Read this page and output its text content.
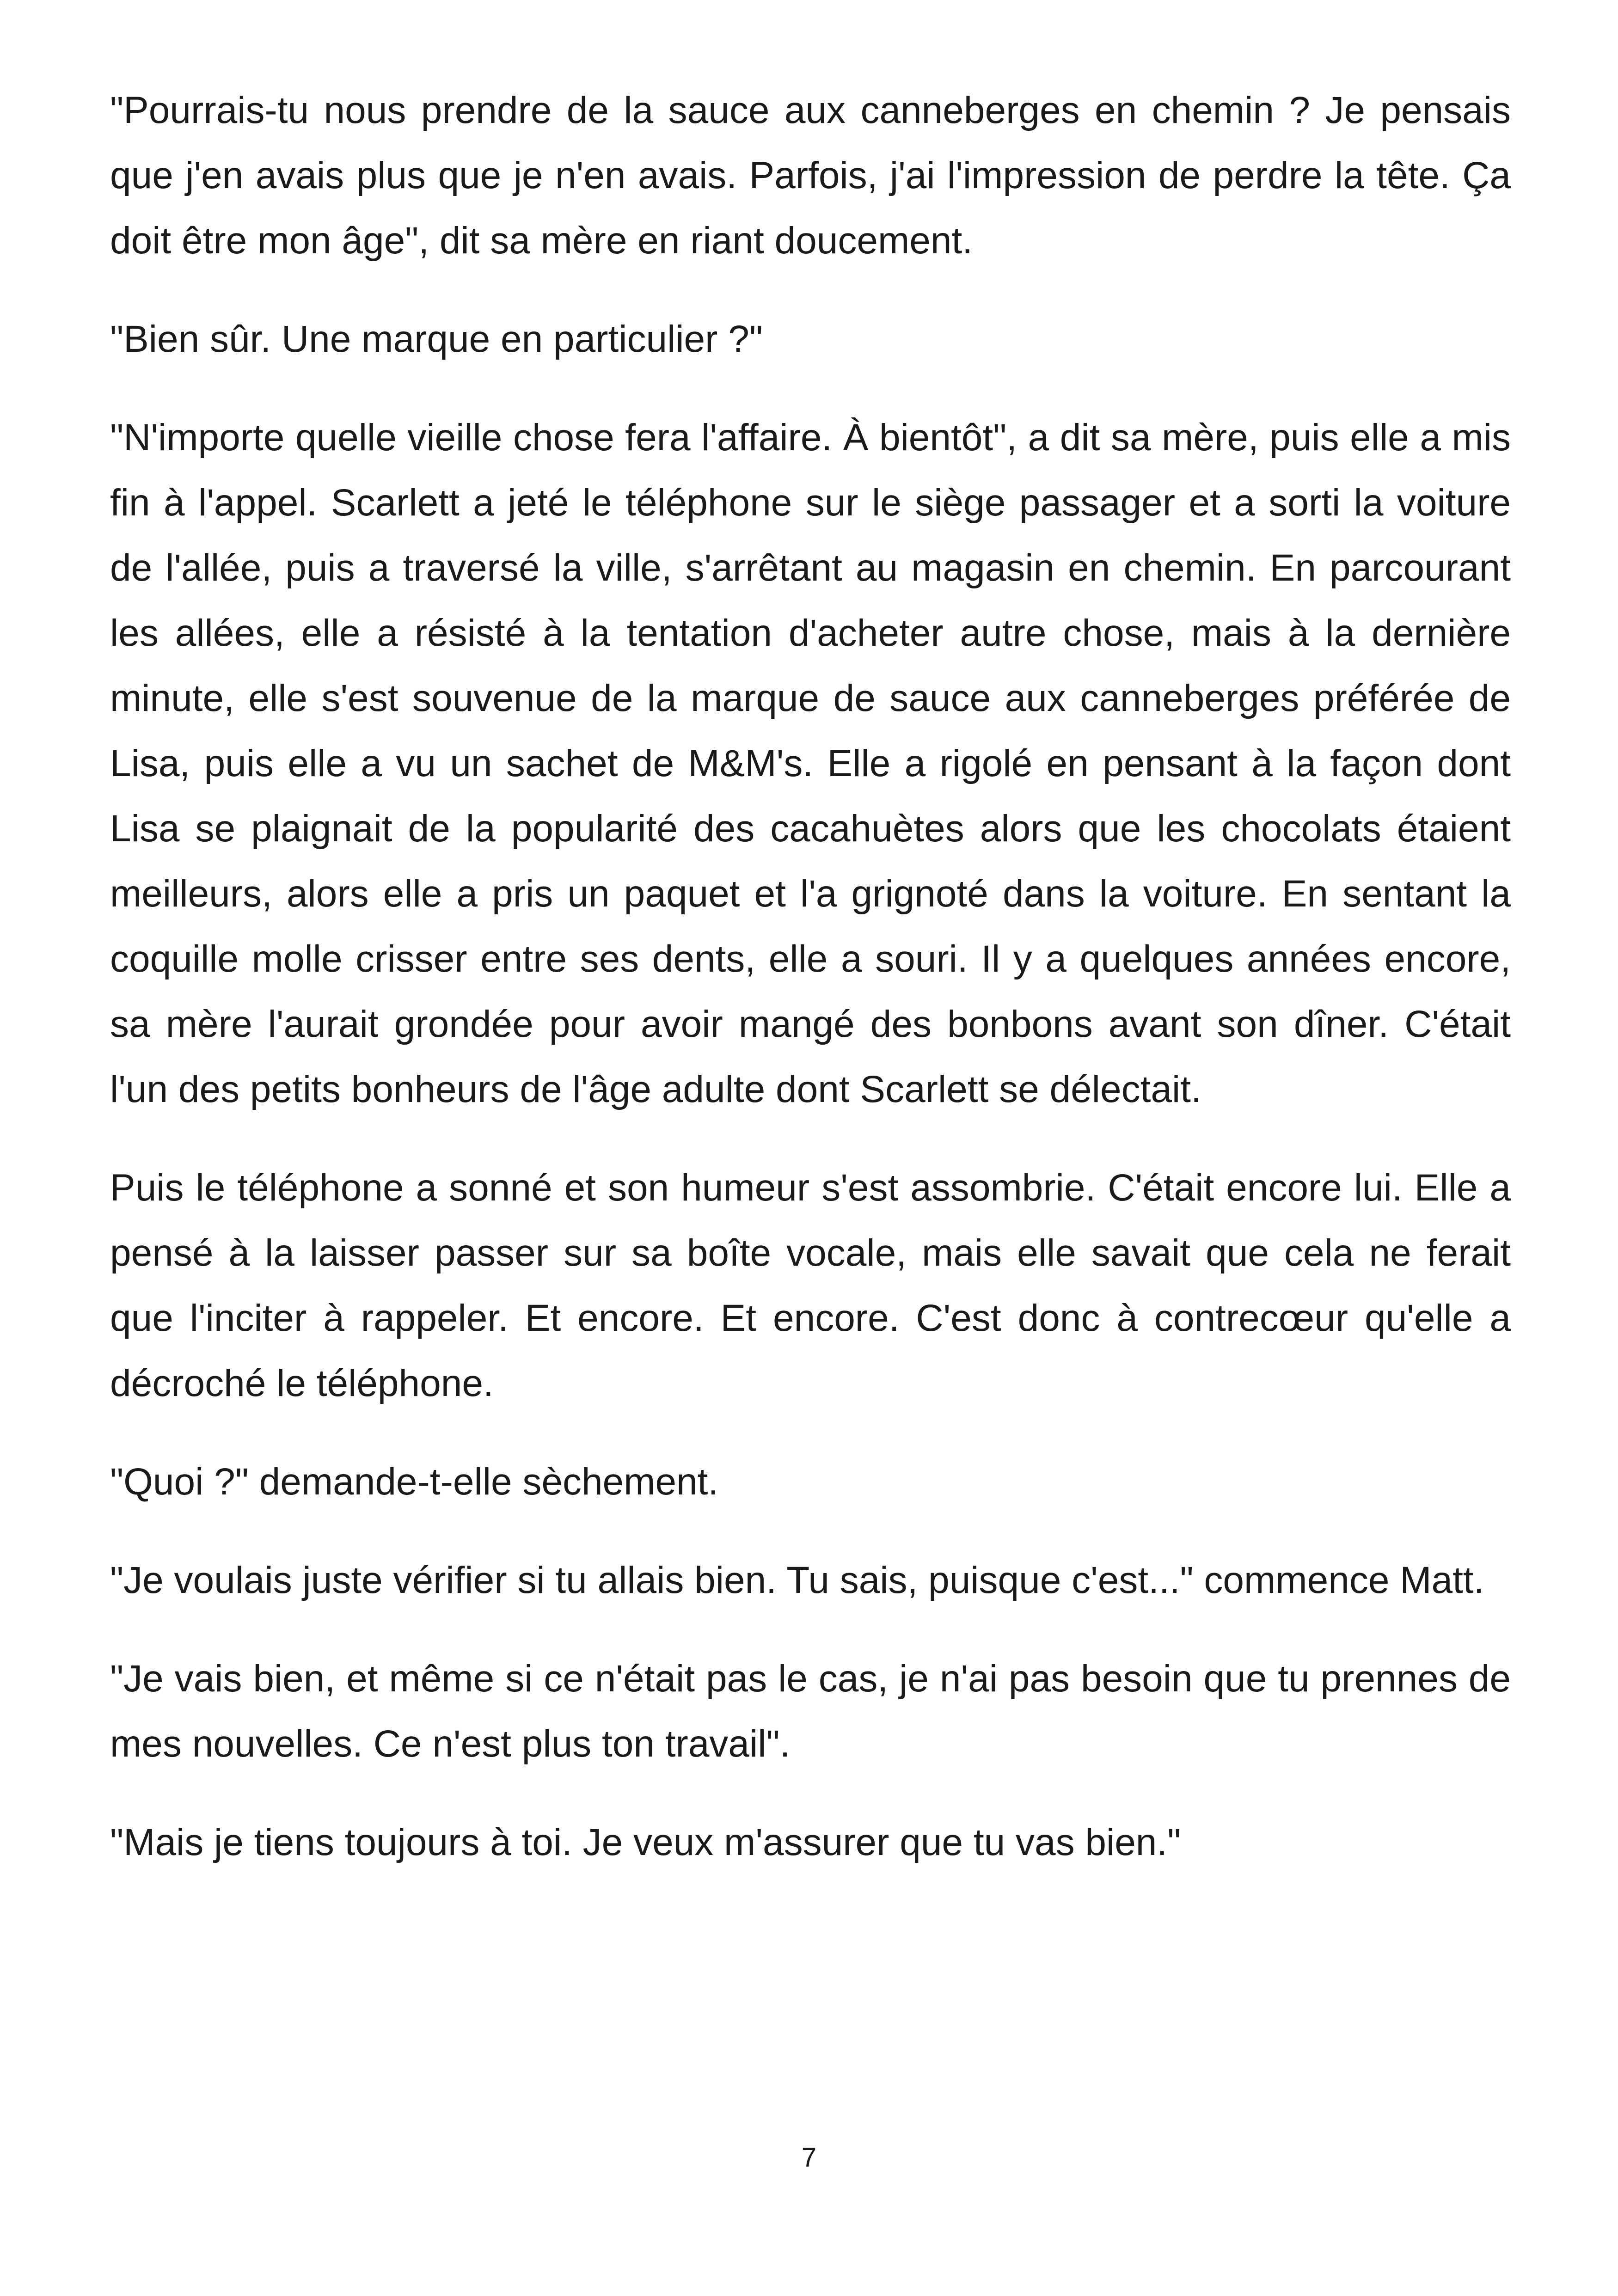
"Pourrais-tu nous prendre de la sauce aux canneberges en chemin ? Je pensais que j'en avais plus que je n'en avais. Parfois, j'ai l'impression de perdre la tête. Ça doit être mon âge", dit sa mère en riant doucement.

"Bien sûr. Une marque en particulier ?"

"N'importe quelle vieille chose fera l'affaire. À bientôt", a dit sa mère, puis elle a mis fin à l'appel. Scarlett a jeté le téléphone sur le siège passager et a sorti la voiture de l'allée, puis a traversé la ville, s'arrêtant au magasin en chemin. En parcourant les allées, elle a résisté à la tentation d'acheter autre chose, mais à la dernière minute, elle s'est souvenue de la marque de sauce aux canneberges préférée de Lisa, puis elle a vu un sachet de M&M's. Elle a rigolé en pensant à la façon dont Lisa se plaignait de la popularité des cacahuètes alors que les chocolats étaient meilleurs, alors elle a pris un paquet et l'a grignoté dans la voiture. En sentant la coquille molle crisser entre ses dents, elle a souri. Il y a quelques années encore, sa mère l'aurait grondée pour avoir mangé des bonbons avant son dîner. C'était l'un des petits bonheurs de l'âge adulte dont Scarlett se délectait.

Puis le téléphone a sonné et son humeur s'est assombrie. C'était encore lui. Elle a pensé à la laisser passer sur sa boîte vocale, mais elle savait que cela ne ferait que l'inciter à rappeler. Et encore. Et encore. C'est donc à contrecœur qu'elle a décroché le téléphone.

"Quoi ?" demande-t-elle sèchement.

"Je voulais juste vérifier si tu allais bien. Tu sais, puisque c'est..." commence Matt.

"Je vais bien, et même si ce n'était pas le cas, je n'ai pas besoin que tu prennes de mes nouvelles. Ce n'est plus ton travail".

"Mais je tiens toujours à toi. Je veux m'assurer que tu vas bien."

7
